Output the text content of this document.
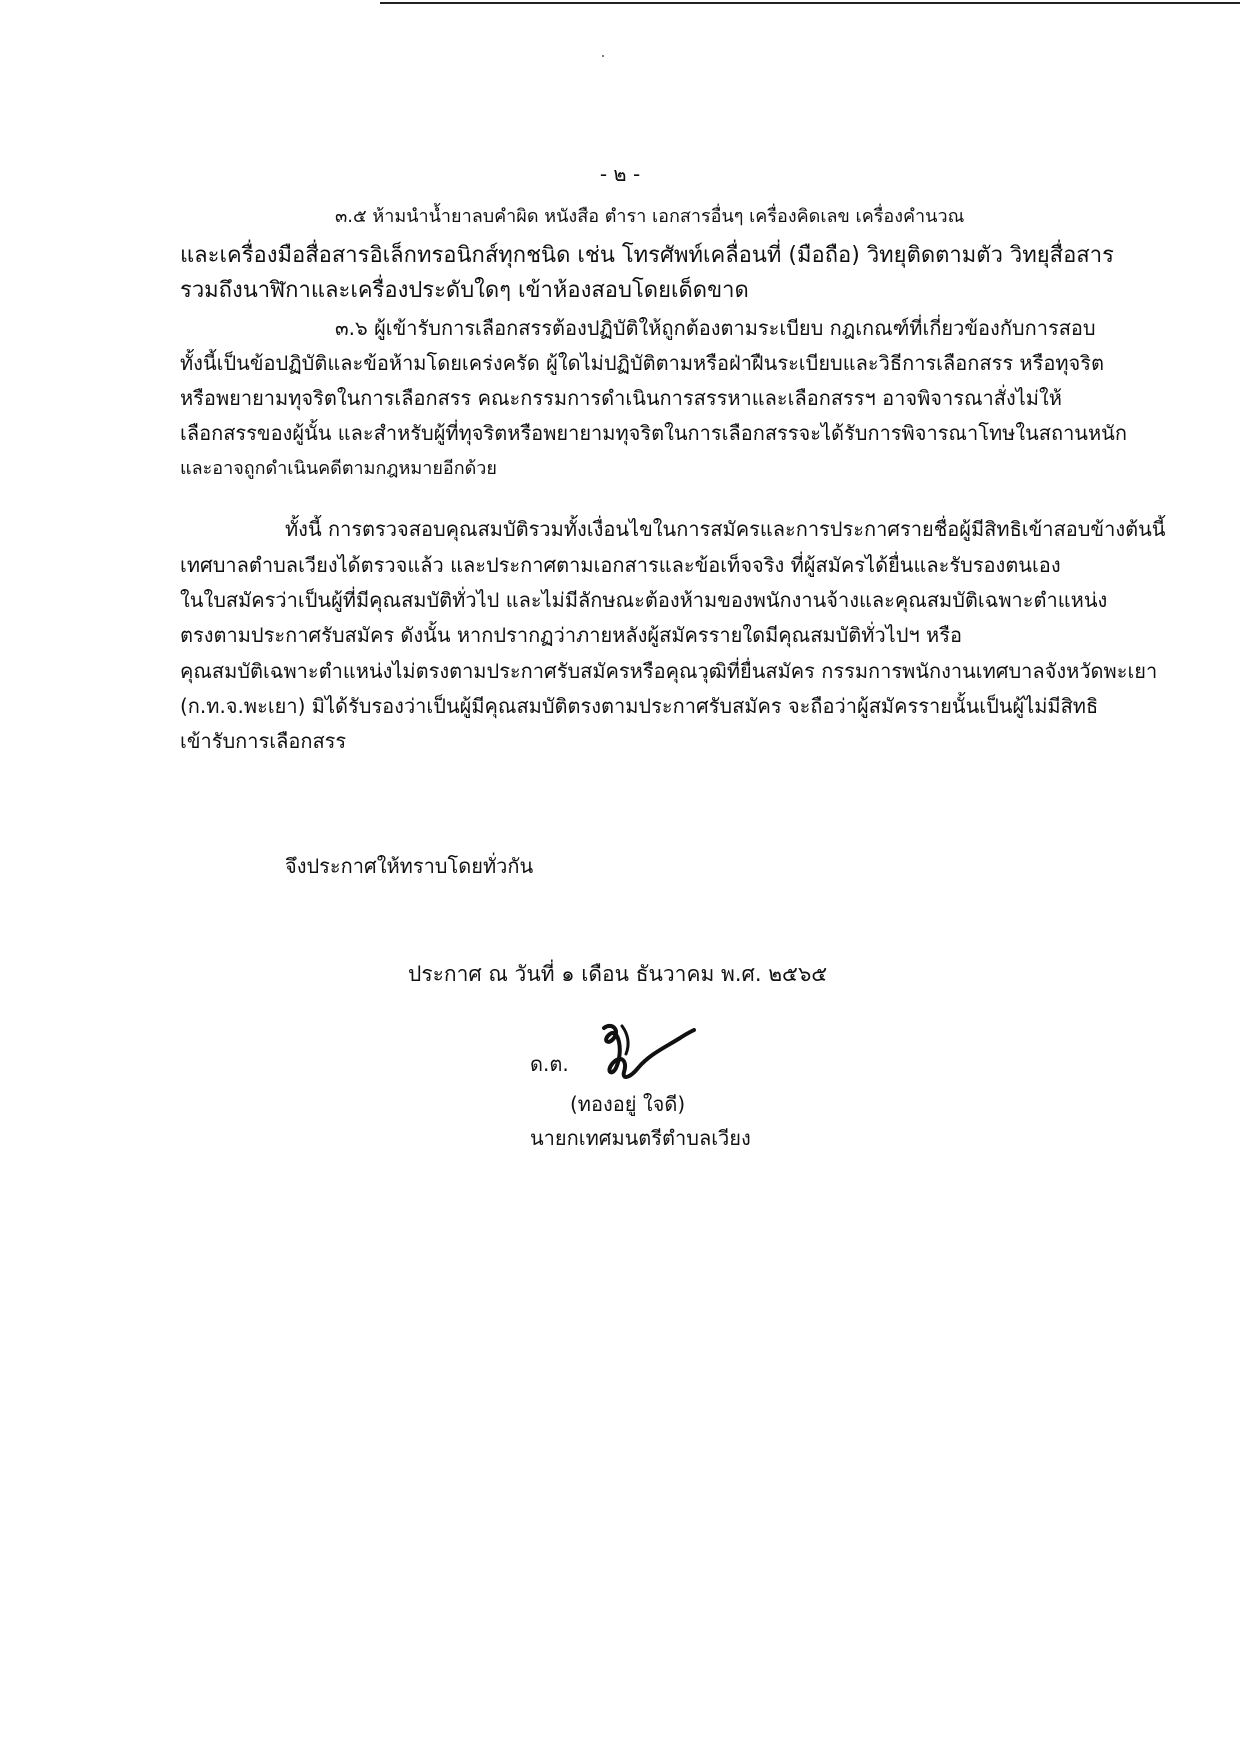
- ๒ -
๓.๕ ห้ามนำน้ำยาลบคำผิด หนังสือ ตำรา เอกสารอื่นๆ เครื่องคิดเลข เครื่องคำนวณ
และเครื่องมือสื่อสารอิเล็กทรอนิกส์ทุกชนิด เช่น โทรศัพท์เคลื่อนที่ (มือถือ) วิทยุติดตามตัว วิทยุสื่อสาร
รวมถึงนาฬิกาและเครื่องประดับใดๆ เข้าห้องสอบโดยเด็ดขาด
๓.๖ ผู้เข้ารับการเลือกสรรต้องปฏิบัติให้ถูกต้องตามระเบียบ กฎเกณฑ์ที่เกี่ยวข้องกับการสอบ
ทั้งนี้เป็นข้อปฏิบัติและข้อห้ามโดยเคร่งครัด ผู้ใดไม่ปฏิบัติตามหรือฝ่าฝืนระเบียบและวิธีการเลือกสรร หรือทุจริต
หรือพยายามทุจริตในการเลือกสรร คณะกรรมการดำเนินการสรรหาและเลือกสรรฯ อาจพิจารณาสั่งไม่ให้
เลือกสรรของผู้นั้น และสำหรับผู้ที่ทุจริตหรือพยายามทุจริตในการเลือกสรรจะได้รับการพิจารณาโทษในสถานหนัก
และอาจถูกดำเนินคดีตามกฎหมายอีกด้วย
ทั้งนี้ การตรวจสอบคุณสมบัติรวมทั้งเงื่อนไขในการสมัครและการประกาศรายชื่อผู้มีสิทธิเข้าสอบข้างต้นนี้
เทศบาลตำบลเวียงได้ตรวจแล้ว และประกาศตามเอกสารและข้อเท็จจริง ที่ผู้สมัครได้ยื่นและรับรองตนเอง
ในใบสมัครว่าเป็นผู้ที่มีคุณสมบัติทั่วไป และไม่มีลักษณะต้องห้ามของพนักงานจ้างและคุณสมบัติเฉพาะตำแหน่ง
ตรงตามประกาศรับสมัคร ดังนั้น หากปรากฏว่าภายหลังผู้สมัครรายใดมีคุณสมบัติทั่วไปฯ หรือ
คุณสมบัติเฉพาะตำแหน่งไม่ตรงตามประกาศรับสมัครหรือคุณวุฒิที่ยื่นสมัคร กรรมการพนักงานเทศบาลจังหวัดพะเยา
(ก.ท.จ.พะเยา) มิได้รับรองว่าเป็นผู้มีคุณสมบัติตรงตามประกาศรับสมัคร จะถือว่าผู้สมัครรายนั้นเป็นผู้ไม่มีสิทธิ
เข้ารับการเลือกสรร
จึงประกาศให้ทราบโดยทั่วกัน
ประกาศ ณ วันที่ ๑ เดือน ธันวาคม พ.ศ. ๒๕๖๕
ด.ต.
(ทองอยู่ ใจดี)
นายกเทศมนตรีตำบลเวียง
